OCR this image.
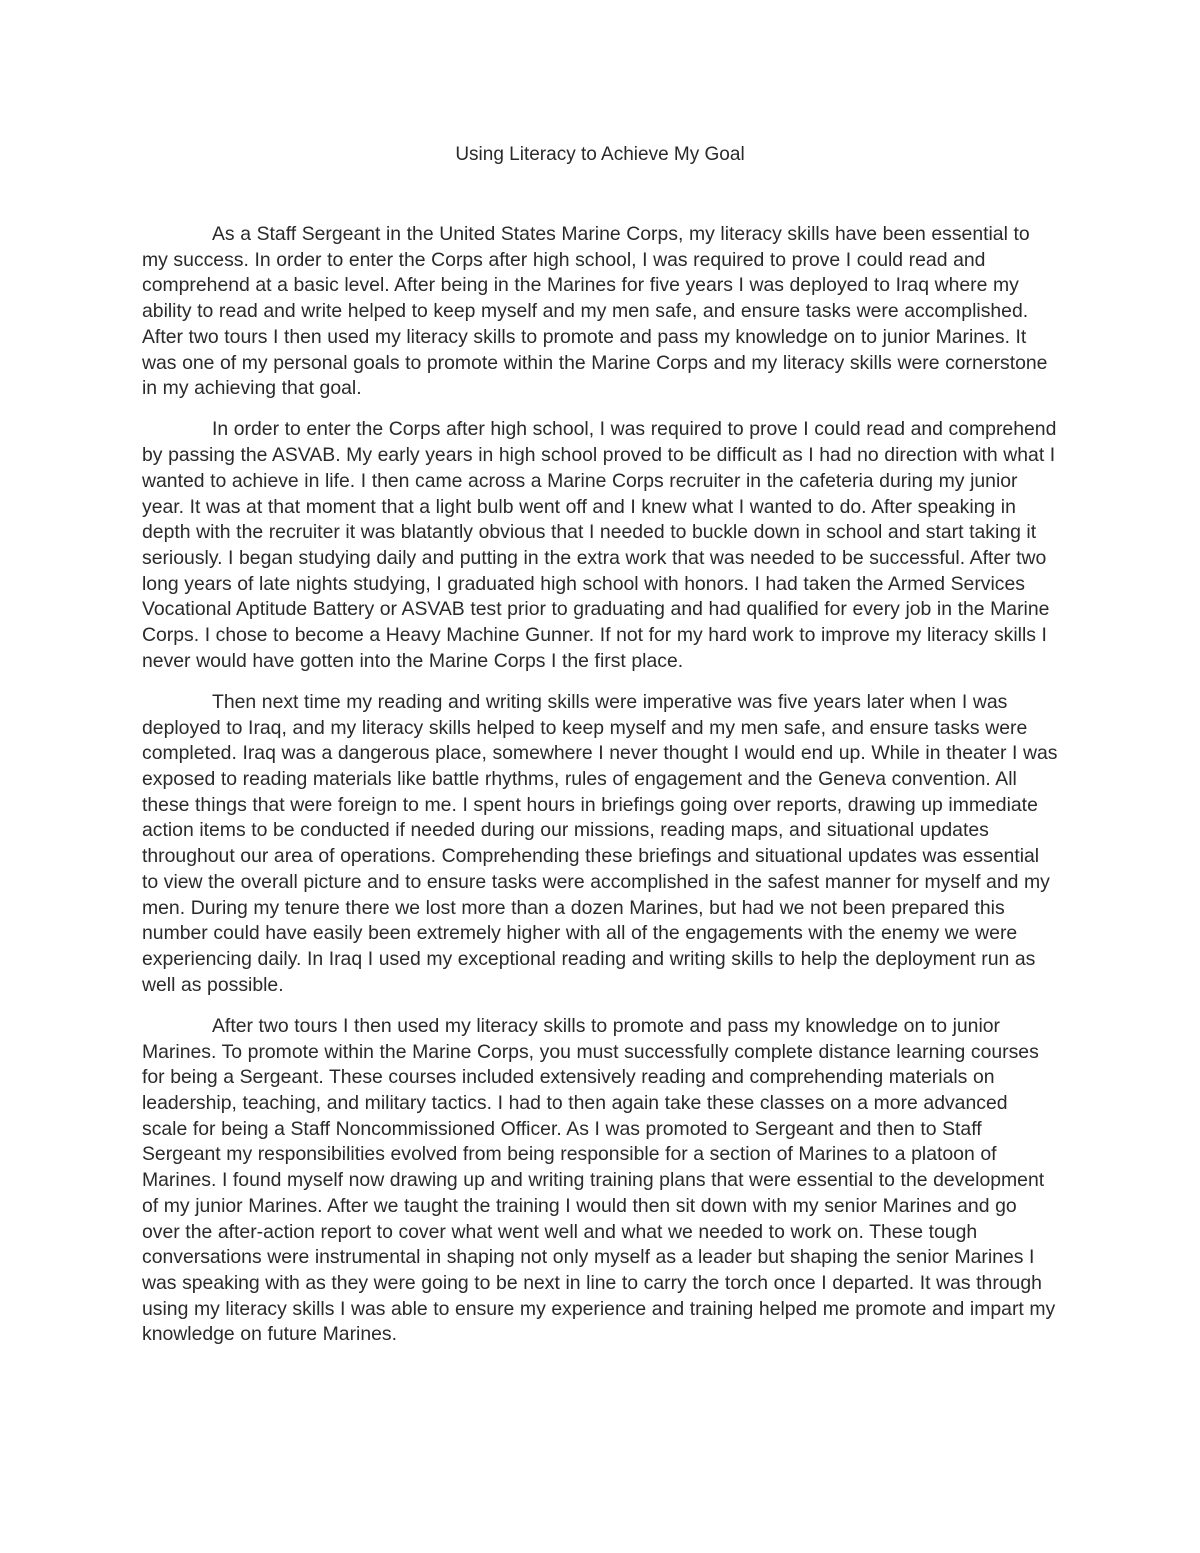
Using Literacy to Achieve My Goal

As a Staff Sergeant in the United States Marine Corps, my literacy skills have been essential to my success. In order to enter the Corps after high school, I was required to prove I could read and comprehend at a basic level. After being in the Marines for five years I was deployed to Iraq where my ability to read and write helped to keep myself and my men safe, and ensure tasks were accomplished. After two tours I then used my literacy skills to promote and pass my knowledge on to junior Marines. It was one of my personal goals to promote within the Marine Corps and my literacy skills were cornerstone in my achieving that goal.

In order to enter the Corps after high school, I was required to prove I could read and comprehend by passing the ASVAB. My early years in high school proved to be difficult as I had no direction with what I wanted to achieve in life. I then came across a Marine Corps recruiter in the cafeteria during my junior year. It was at that moment that a light bulb went off and I knew what I wanted to do. After speaking in depth with the recruiter it was blatantly obvious that I needed to buckle down in school and start taking it seriously. I began studying daily and putting in the extra work that was needed to be successful. After two long years of late nights studying, I graduated high school with honors. I had taken the Armed Services Vocational Aptitude Battery or ASVAB test prior to graduating and had qualified for every job in the Marine Corps. I chose to become a Heavy Machine Gunner. If not for my hard work to improve my literacy skills I never would have gotten into the Marine Corps I the first place.

Then next time my reading and writing skills were imperative was five years later when I was deployed to Iraq, and my literacy skills helped to keep myself and my men safe, and ensure tasks were completed. Iraq was a dangerous place, somewhere I never thought I would end up. While in theater I was exposed to reading materials like battle rhythms, rules of engagement and the Geneva convention. All these things that were foreign to me. I spent hours in briefings going over reports, drawing up immediate action items to be conducted if needed during our missions, reading maps, and situational updates throughout our area of operations. Comprehending these briefings and situational updates was essential to view the overall picture and to ensure tasks were accomplished in the safest manner for myself and my men. During my tenure there we lost more than a dozen Marines, but had we not been prepared this number could have easily been extremely higher with all of the engagements with the enemy we were experiencing daily. In Iraq I used my exceptional reading and writing skills to help the deployment run as well as possible.

After two tours I then used my literacy skills to promote and pass my knowledge on to junior Marines. To promote within the Marine Corps, you must successfully complete distance learning courses for being a Sergeant. These courses included extensively reading and comprehending materials on leadership, teaching, and military tactics. I had to then again take these classes on a more advanced scale for being a Staff Noncommissioned Officer. As I was promoted to Sergeant and then to Staff Sergeant my responsibilities evolved from being responsible for a section of Marines to a platoon of Marines. I found myself now drawing up and writing training plans that were essential to the development of my junior Marines. After we taught the training I would then sit down with my senior Marines and go over the after-action report to cover what went well and what we needed to work on. These tough conversations were instrumental in shaping not only myself as a leader but shaping the senior Marines I was speaking with as they were going to be next in line to carry the torch once I departed. It was through using my literacy skills I was able to ensure my experience and training helped me promote and impart my knowledge on future Marines.
